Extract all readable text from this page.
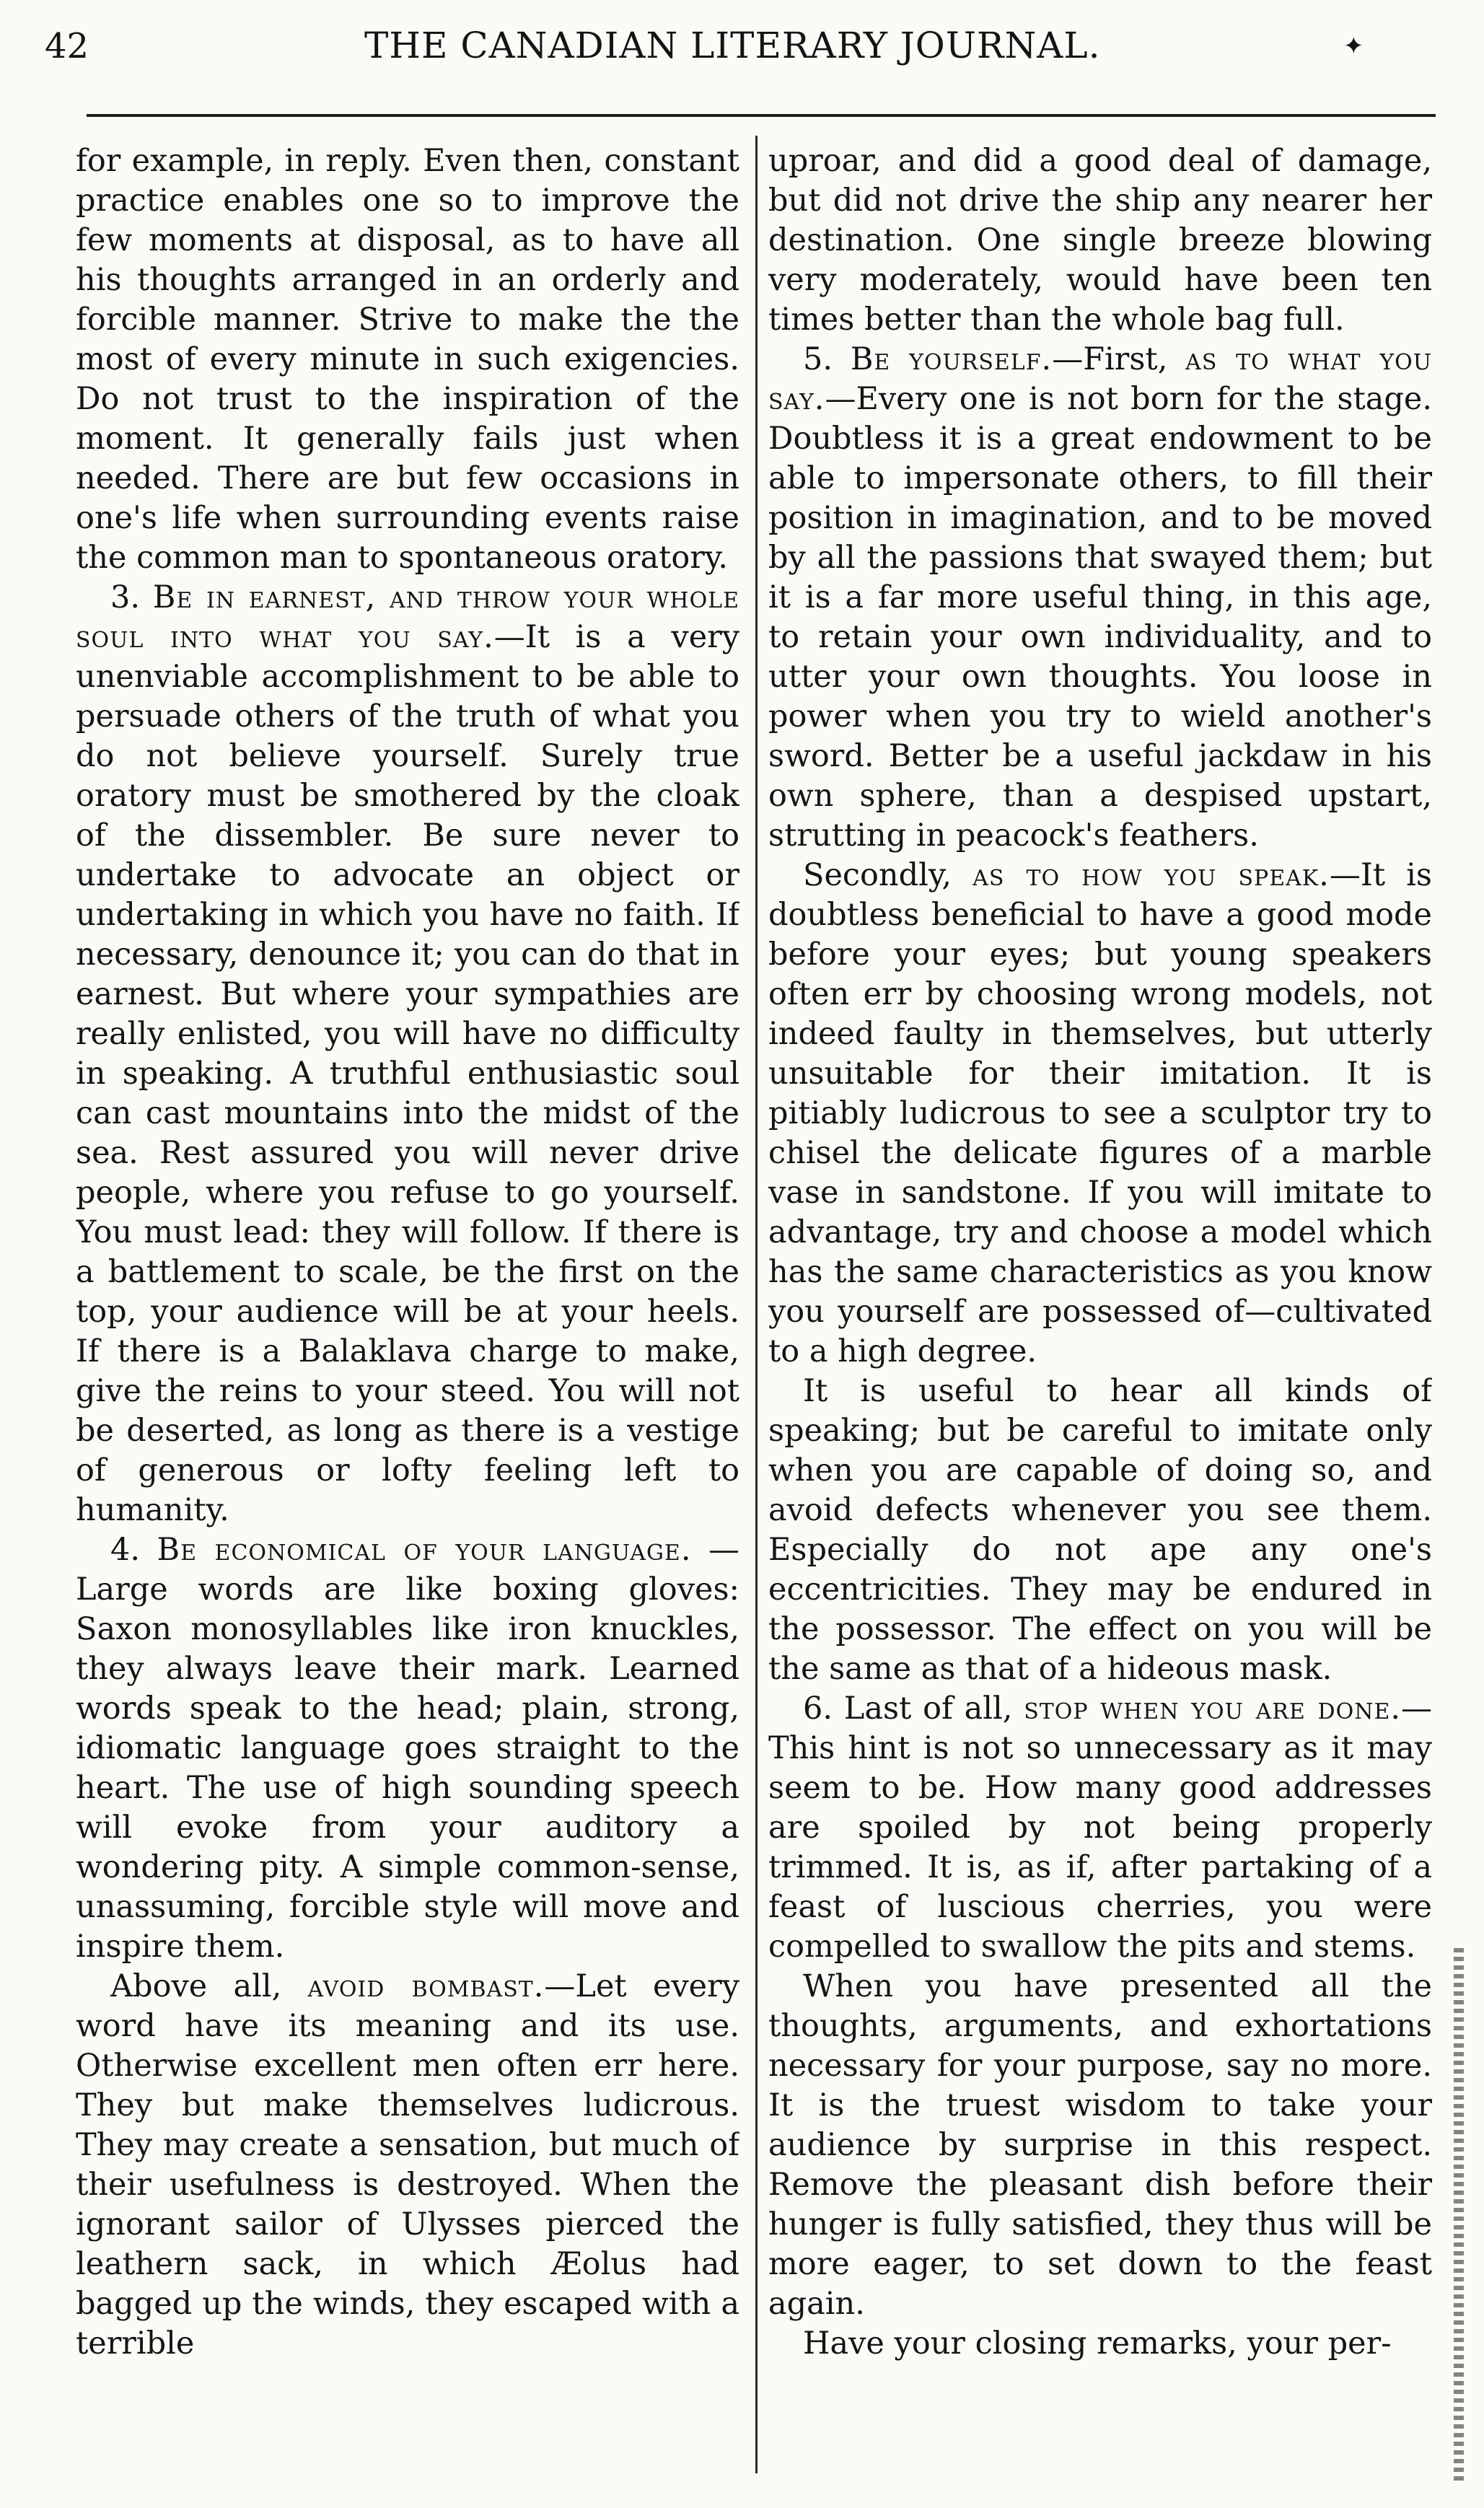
42	THE CANADIAN LITERARY JOURNAL.	✦

for example, in reply. Even then, constant practice enables one so to improve the few moments at disposal, as to have all his thoughts arranged in an orderly and forcible manner. Strive to make the the most of every minute in such exigencies. Do not trust to the inspiration of the moment. It generally fails just when needed. There are but few occasions in one's life when surrounding events raise the common man to spontaneous oratory.

3. Be in earnest, and throw your whole soul into what you say.—It is a very unenviable accomplishment to be able to persuade others of the truth of what you do not believe yourself. Surely true oratory must be smothered by the cloak of the dissembler. Be sure never to undertake to advocate an object or undertaking in which you have no faith. If necessary, denounce it; you can do that in earnest. But where your sympathies are really enlisted, you will have no difficulty in speaking. A truthful enthusiastic soul can cast mountains into the midst of the sea. Rest assured you will never drive people, where you refuse to go yourself. You must lead: they will follow. If there is a battlement to scale, be the first on the top, your audience will be at your heels. If there is a Balaklava charge to make, give the reins to your steed. You will not be deserted, as long as there is a vestige of generous or lofty feeling left to humanity.

4. Be economical of your language. —Large words are like boxing gloves: Saxon monosyllables like iron knuckles, they always leave their mark. Learned words speak to the head; plain, strong, idiomatic language goes straight to the heart. The use of high sounding speech will evoke from your auditory a wondering pity. A simple common-sense, unassuming, forcible style will move and inspire them.

Above all, avoid bombast.—Let every word have its meaning and its use. Otherwise excellent men often err here. They but make themselves ludicrous. They may create a sensation, but much of their usefulness is destroyed. When the ignorant sailor of Ulysses pierced the leathern sack, in which Æolus had bagged up the winds, they escaped with a terrible

uproar, and did a good deal of damage, but did not drive the ship any nearer her destination. One single breeze blowing very moderately, would have been ten times better than the whole bag full.

5. Be yourself.—First, as to what you say.—Every one is not born for the stage. Doubtless it is a great endowment to be able to impersonate others, to fill their position in imagination, and to be moved by all the passions that swayed them; but it is a far more useful thing, in this age, to retain your own individuality, and to utter your own thoughts. You loose in power when you try to wield another's sword. Better be a useful jackdaw in his own sphere, than a despised upstart, strutting in peacock's feathers.

Secondly, as to how you speak.—It is doubtless beneficial to have a good mode before your eyes; but young speakers often err by choosing wrong models, not indeed faulty in themselves, but utterly unsuitable for their imitation. It is pitiably ludicrous to see a sculptor try to chisel the delicate figures of a marble vase in sandstone. If you will imitate to advantage, try and choose a model which has the same characteristics as you know you yourself are possessed of—cultivated to a high degree.

It is useful to hear all kinds of speaking; but be careful to imitate only when you are capable of doing so, and avoid defects whenever you see them. Especially do not ape any one's eccentricities. They may be endured in the possessor. The effect on you will be the same as that of a hideous mask.

6. Last of all, stop when you are done.—This hint is not so unnecessary as it may seem to be. How many good addresses are spoiled by not being properly trimmed. It is, as if, after partaking of a feast of luscious cherries, you were compelled to swallow the pits and stems.

When you have presented all the thoughts, arguments, and exhortations necessary for your purpose, say no more. It is the truest wisdom to take your audience by surprise in this respect. Remove the pleasant dish before their hunger is fully satisfied, they thus will be more eager, to set down to the feast again.

Have your closing remarks, your per-
